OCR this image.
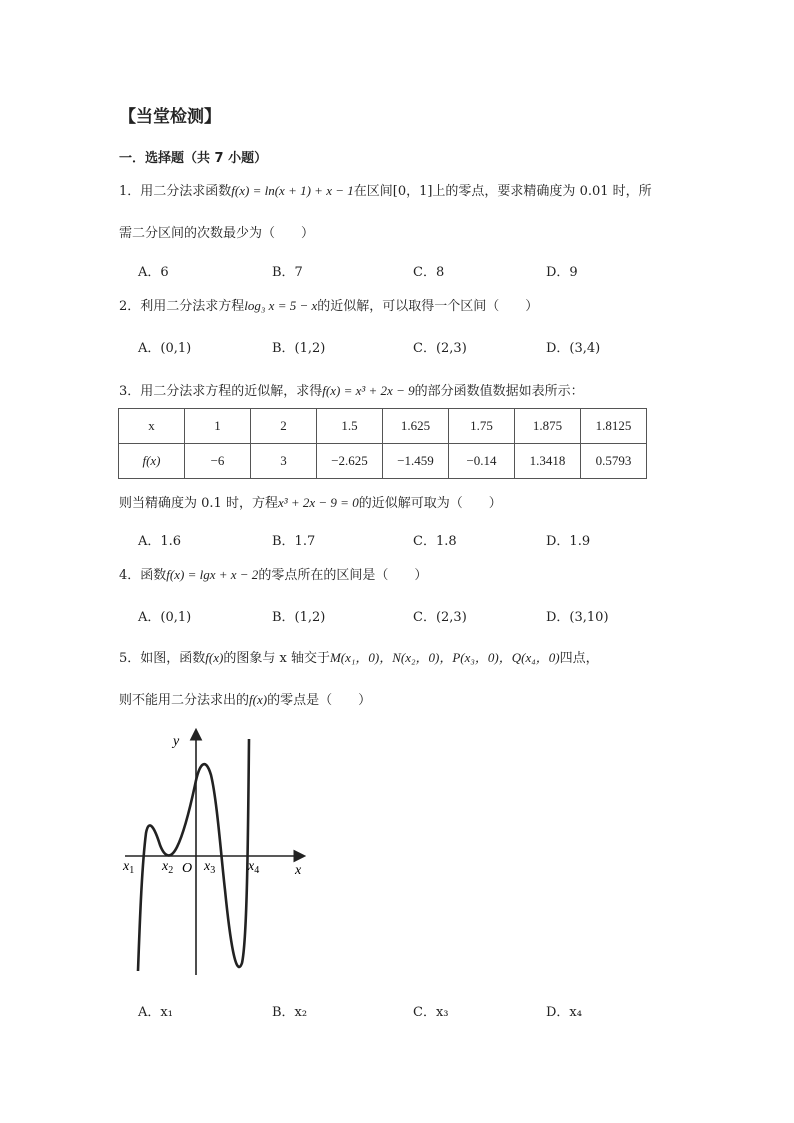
【当堂检测】
一．选择题（共 7 小题）
1．用二分法求函数f(x) = ln(x + 1) + x − 1在区间[0，1]上的零点，要求精确度为 0.01 时，所
需二分区间的次数最少为（　　）
A．6	B．7	C．8	D．9
2．利用二分法求方程log₃ x = 5 − x的近似解，可以取得一个区间（　　）
A．(0,1)	B．(1,2)	C．(2,3)	D．(3,4)
3．用二分法求方程的近似解，求得f(x) = x³ + 2x − 9的部分函数值数据如表所示：
x	1	2	1.5	1.625	1.75	1.875	1.8125
f(x)	−6	3	−2.625	−1.459	−0.14	1.3418	0.5793
则当精确度为 0.1 时，方程x³ + 2x − 9 = 0的近似解可取为（　　）
A．1.6	B．1.7	C．1.8	D．1.9
4．函数f(x) = lgx + x − 2的零点所在的区间是（　　）
A．(0,1)	B．(1,2)	C．(2,3)	D．(3,10)
5．如图，函数f(x)的图象与 x 轴交于M(x₁，0)，N(x₂，0)，P(x₃，0)，Q(x₄，0)四点，
则不能用二分法求出的f(x)的零点是（　　）
y
x
O
$x_1$ $x_2$ $x_3$ $x_4$
A．x₁	B．x₂	C．x₃	D．x₄
